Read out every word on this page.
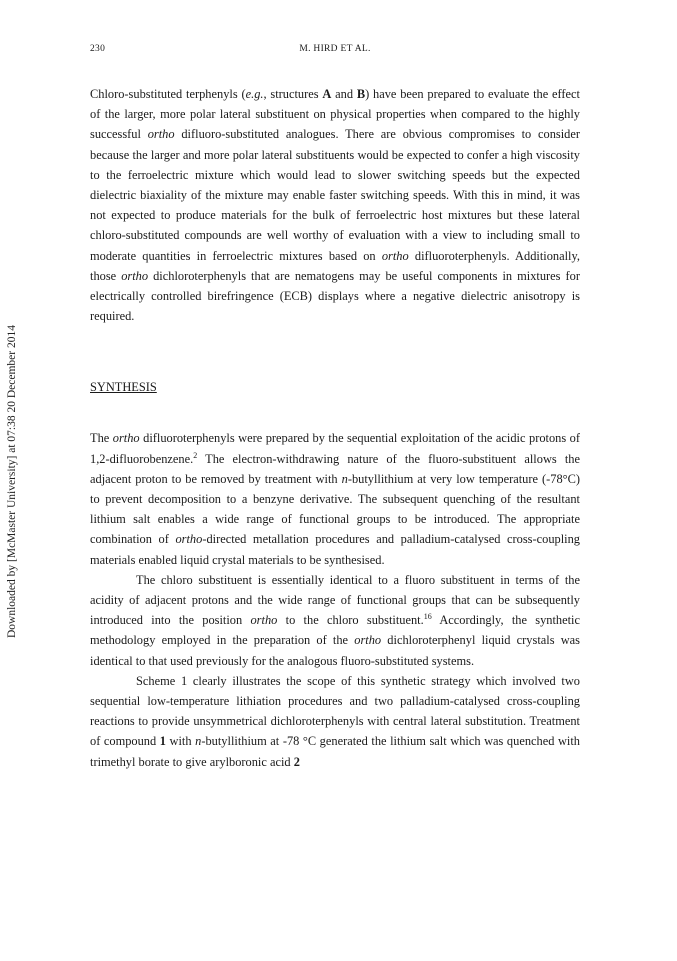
230	M. HIRD ET AL.
Downloaded by [McMaster University] at 07:38 20 December 2014

Chloro-substituted terphenyls (e.g., structures A and B) have been prepared to evaluate the effect of the larger, more polar lateral substituent on physical properties when compared to the highly successful ortho difluoro-substituted analogues. There are obvious compromises to consider because the larger and more polar lateral substituents would be expected to confer a high viscosity to the ferroelectric mixture which would lead to slower switching speeds but the expected dielectric biaxiality of the mixture may enable faster switching speeds. With this in mind, it was not expected to produce materials for the bulk of ferroelectric host mixtures but these lateral chloro-substituted compounds are well worthy of evaluation with a view to including small to moderate quantities in ferroelectric mixtures based on ortho difluoroterphenyls. Additionally, those ortho dichloroterphenyls that are nematogens may be useful components in mixtures for electrically controlled birefringence (ECB) displays where a negative dielectric anisotropy is required.

SYNTHESIS

The ortho difluoroterphenyls were prepared by the sequential exploitation of the acidic protons of 1,2-difluorobenzene.$^2$ The electron-withdrawing nature of the fluoro-substituent allows the adjacent proton to be removed by treatment with n-butyllithium at very low temperature (-78°C) to prevent decomposition to a benzyne derivative. The subsequent quenching of the resultant lithium salt enables a wide range of functional groups to be introduced. The appropriate combination of ortho-directed metallation procedures and palladium-catalysed cross-coupling materials enabled liquid crystal materials to be synthesised.

The chloro substituent is essentially identical to a fluoro substituent in terms of the acidity of adjacent protons and the wide range of functional groups that can be subsequently introduced into the position ortho to the chloro substituent.$^{16}$ Accordingly, the synthetic methodology employed in the preparation of the ortho dichloroterphenyl liquid crystals was identical to that used previously for the analogous fluoro-substituted systems.

Scheme 1 clearly illustrates the scope of this synthetic strategy which involved two sequential low-temperature lithiation procedures and two palladium-catalysed cross-coupling reactions to provide unsymmetrical dichloroterphenyls with central lateral substitution. Treatment of compound 1 with n-butyllithium at -78 °C generated the lithium salt which was quenched with trimethyl borate to give arylboronic acid 2
